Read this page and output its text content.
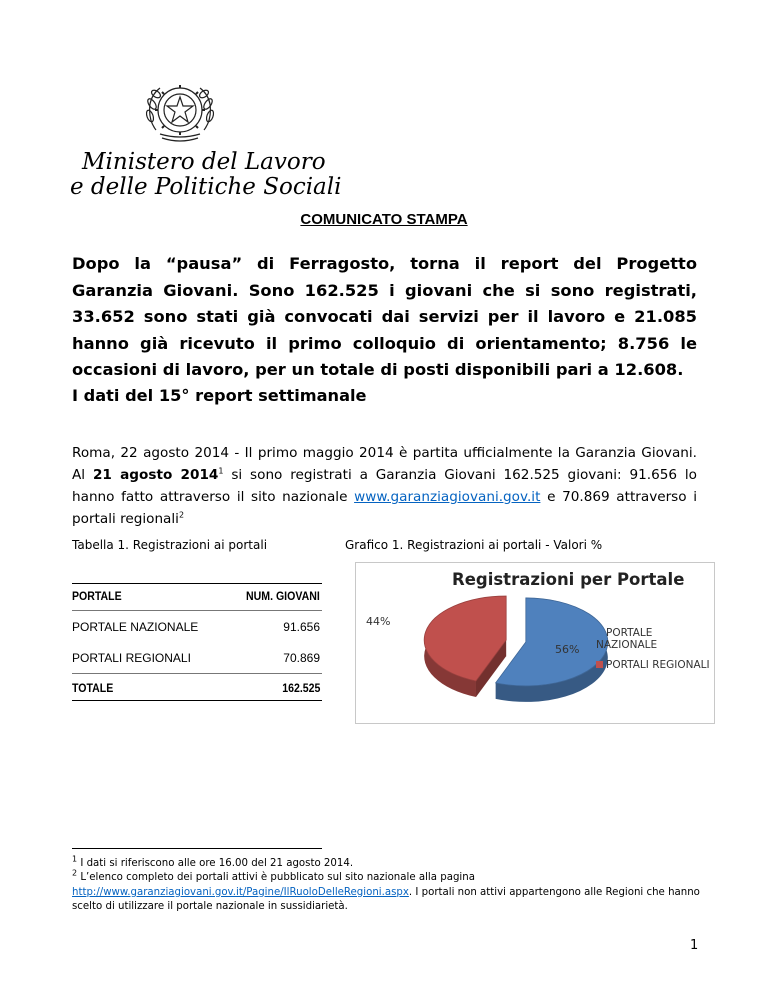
Ministero del Lavoro
e delle Politiche Sociali
COMUNICATO STAMPA
Dopo la “pausa” di Ferragosto, torna il report del Progetto Garanzia Giovani. Sono 162.525 i giovani che si sono registrati, 33.652 sono stati già convocati dai servizi per il lavoro e 21.085 hanno già ricevuto il primo colloquio di orientamento; 8.756 le occasioni di lavoro, per un totale di posti disponibili pari a 12.608.
I dati del 15° report settimanale
Roma, 22 agosto 2014 - Il primo maggio 2014 è partita ufficialmente la Garanzia Giovani. Al 21 agosto 2014$^1$ si sono registrati a Garanzia Giovani 162.525 giovani: 91.656 lo hanno fatto attraverso il sito nazionale www.garanziagiovani.gov.it e 70.869 attraverso i portali regionali$^2$
Tabella 1. Registrazioni ai portali	Grafico 1. Registrazioni ai portali - Valori %
PORTALE	NUM. GIOVANI
PORTALE NAZIONALE	91.656
PORTALI REGIONALI	70.869
TOTALE	162.525
Registrazioni per Portale
44%
56%
PORTALE NAZIONALE
PORTALI REGIONALI
$^1$ I dati si riferiscono alle ore 16.00 del 21 agosto 2014.
$^2$ L’elenco completo dei portali attivi è pubblicato sul sito nazionale alla pagina
http://www.garanziagiovani.gov.it/Pagine/IlRuoloDelleRegioni.aspx. I portali non attivi appartengono alle Regioni che hanno scelto di utilizzare il portale nazionale in sussidiarietà.
1
